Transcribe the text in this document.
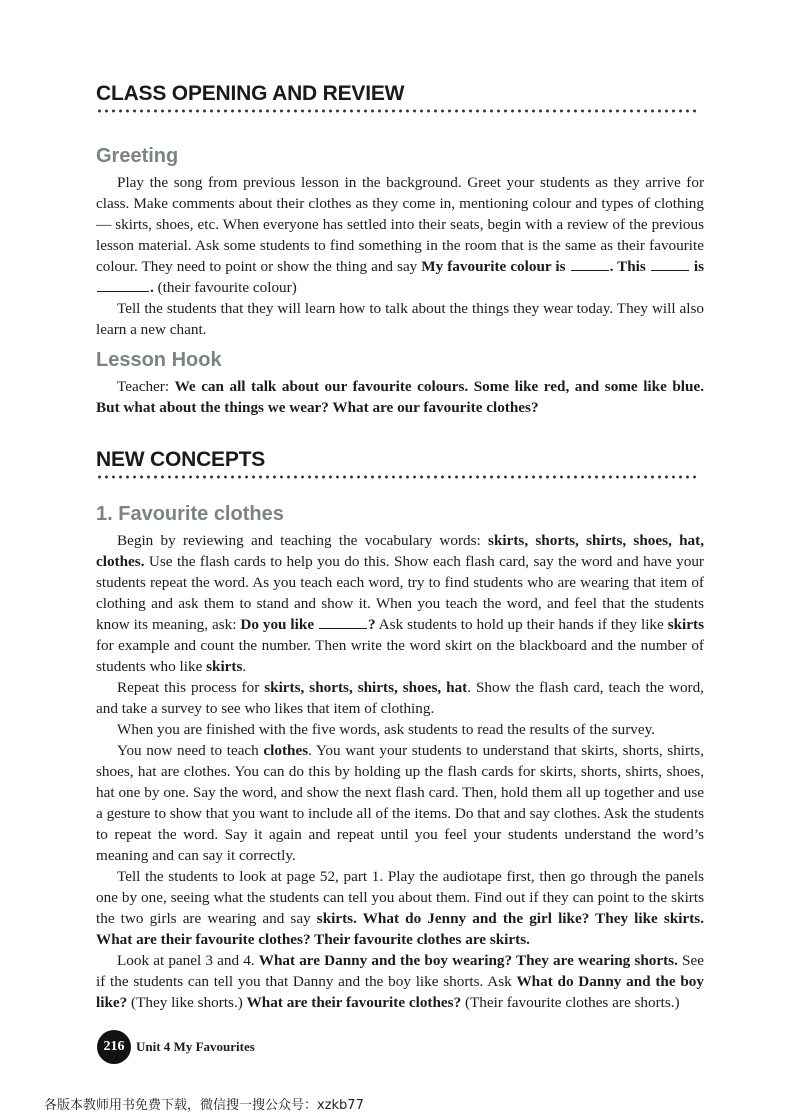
CLASS OPENING AND REVIEW
Greeting

Play the song from previous lesson in the background. Greet your students as they arrive for class. Make comments about their clothes as they come in, mentioning colour and types of clothing — skirts, shoes, etc. When everyone has settled into their seats, begin with a review of the previous lesson material. Ask some students to find something in the room that is the same as their favourite colour. They need to point or show the thing and say My favourite colour is	. This	is . (their favourite colour)

Tell the students that they will learn how to talk about the things they wear today. They will also learn a new chant.

Lesson Hook

Teacher: We can all talk about our favourite colours. Some like red, and some like blue. But what about the things we wear? What are our favourite clothes?

NEW CONCEPTS
1. Favourite clothes

Begin by reviewing and teaching the vocabulary words: skirts, shorts, shirts, shoes, hat, clothes. Use the flash cards to help you do this. Show each flash card, say the word and have your students repeat the word. As you teach each word, try to find students who are wearing that item of clothing and ask them to stand and show it. When you teach the word, and feel that the students know its meaning, ask: Do you like	? Ask students to hold up their hands if they like skirts for example and count the number. Then write the word skirt on the blackboard and the number of students who like skirts.

Repeat this process for skirts, shorts, shirts, shoes, hat. Show the flash card, teach the word, and take a survey to see who likes that item of clothing.

When you are finished with the five words, ask students to read the results of the survey.

You now need to teach clothes. You want your students to understand that skirts, shorts, shirts, shoes, hat are clothes. You can do this by holding up the flash cards for skirts, shorts, shirts, shoes, hat one by one. Say the word, and show the next flash card. Then, hold them all up together and use a gesture to show that you want to include all of the items. Do that and say clothes. Ask the students to repeat the word. Say it again and repeat until you feel your students understand the word’s meaning and can say it correctly.

Tell the students to look at page 52, part 1. Play the audiotape first, then go through the panels one by one, seeing what the students can tell you about them. Find out if they can point to the skirts the two girls are wearing and say skirts. What do Jenny and the girl like? They like skirts. What are their favourite clothes? Their favourite clothes are skirts.

Look at panel 3 and 4. What are Danny and the boy wearing? They are wearing shorts. See if the students can tell you that Danny and the boy like shorts. Ask What do Danny and the boy like? (They like shorts.) What are their favourite clothes? (Their favourite clothes are shorts.)

216 Unit 4 My Favourites
各版本教师用书免费下载，微信搜一搜公众号：xzkb77
